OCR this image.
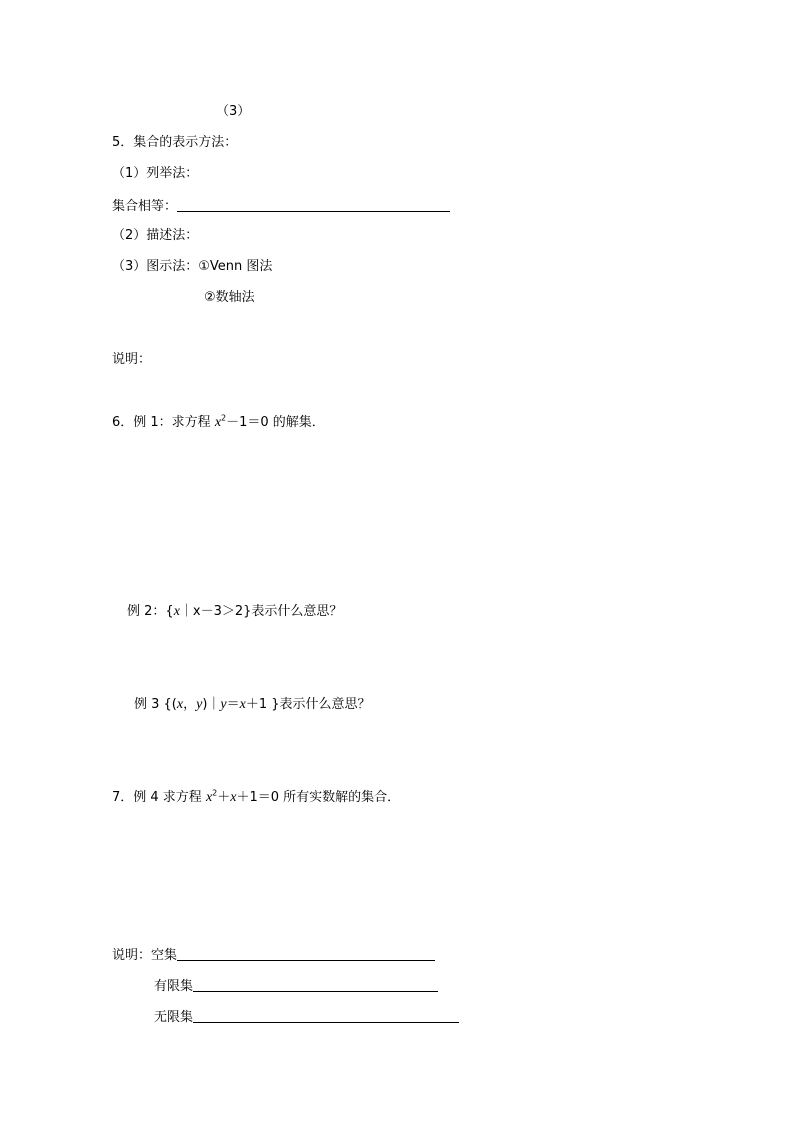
（3）
5．集合的表示方法：
（1）列举法：
集合相等：
（2）描述法：
（3）图示法：①Venn 图法
②数轴法
说明：
6．例 1：求方程 $x^2-1=0$ 的解集．
例 2：{x｜x－3＞2}表示什么意思？
例 3 {(x，y)｜y＝x＋1 }表示什么意思？
7．例 4 求方程 $x^2+x+1=0$ 所有实数解的集合．
说明：空集
有限集
无限集
